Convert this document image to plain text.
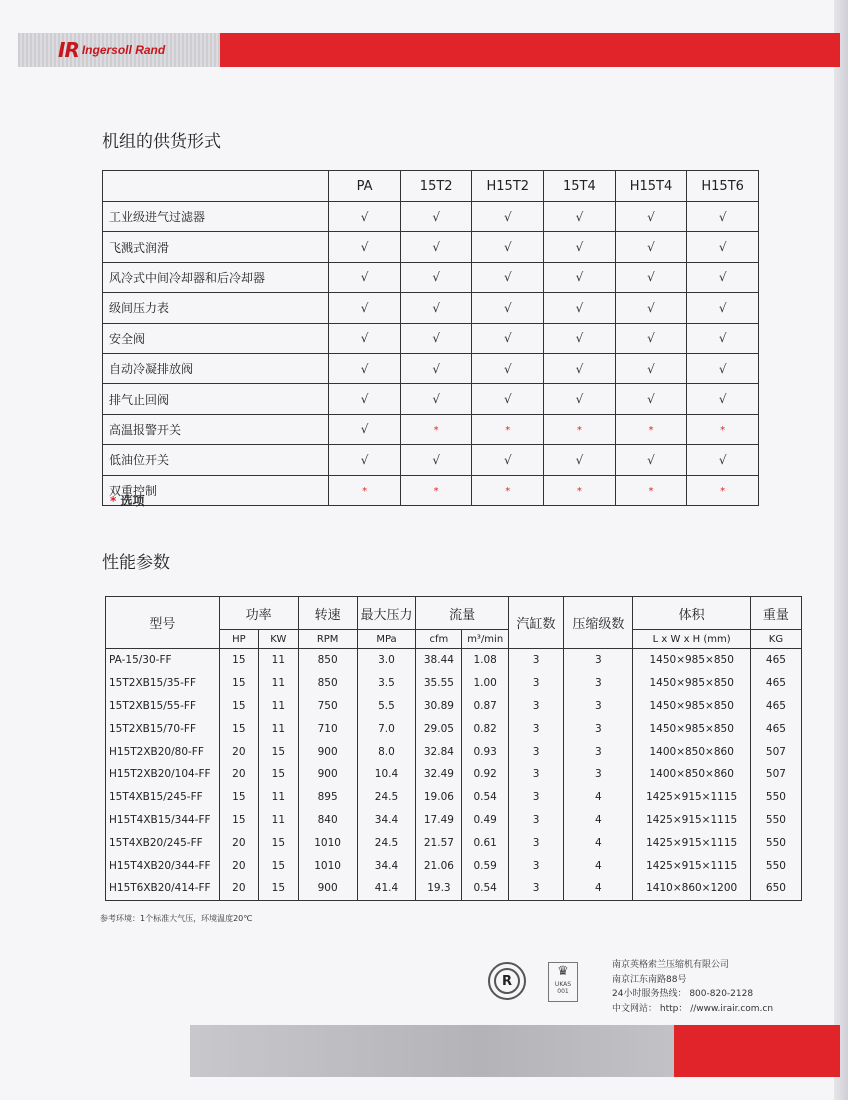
IR Ingersoll Rand
机组的供货形式
	PA	15T2	H15T2	15T4	H15T4	H15T6
工业级进气过滤器	√	√	√	√	√	√
飞溅式润滑	√	√	√	√	√	√
风冷式中间冷却器和后冷却器	√	√	√	√	√	√
级间压力表	√	√	√	√	√	√
安全阀	√	√	√	√	√	√
自动冷凝排放阀	√	√	√	√	√	√
排气止回阀	√	√	√	√	√	√
高温报警开关	√	*	*	*	*	*
低油位开关	√	√	√	√	√	√
双重控制	*	*	*	*	*	*
* 选项
性能参数
型号	功率		转速	最大压力	流量		汽缸数	压缩级数	体积	重量
	HP	KW	RPM	MPa	cfm	m³/min			L x W x H (mm)	KG
PA-15/30-FF	15	11	850	3.0	38.44	1.08	3	3	1450×985×850	465
15T2XB15/35-FF	15	11	850	3.5	35.55	1.00	3	3	1450×985×850	465
15T2XB15/55-FF	15	11	750	5.5	30.89	0.87	3	3	1450×985×850	465
15T2XB15/70-FF	15	11	710	7.0	29.05	0.82	3	3	1450×985×850	465
H15T2XB20/80-FF	20	15	900	8.0	32.84	0.93	3	3	1400×850×860	507
H15T2XB20/104-FF	20	15	900	10.4	32.49	0.92	3	3	1400×850×860	507
15T4XB15/245-FF	15	11	895	24.5	19.06	0.54	3	4	1425×915×1115	550
H15T4XB15/344-FF	15	11	840	34.4	17.49	0.49	3	4	1425×915×1115	550
15T4XB20/245-FF	20	15	1010	24.5	21.57	0.61	3	4	1425×915×1115	550
H15T4XB20/344-FF	20	15	1010	34.4	21.06	0.59	3	4	1425×915×1115	550
H15T6XB20/414-FF	20	15	900	41.4	19.3	0.54	3	4	1410×860×1200	650
参考环境：1个标准大气压，环境温度20℃
R
♛
UKAS
001
南京英格索兰压缩机有限公司
南京江东南路88号
24小时服务热线： 800-820-2128
中文网站： http： //www.irair.com.cn
